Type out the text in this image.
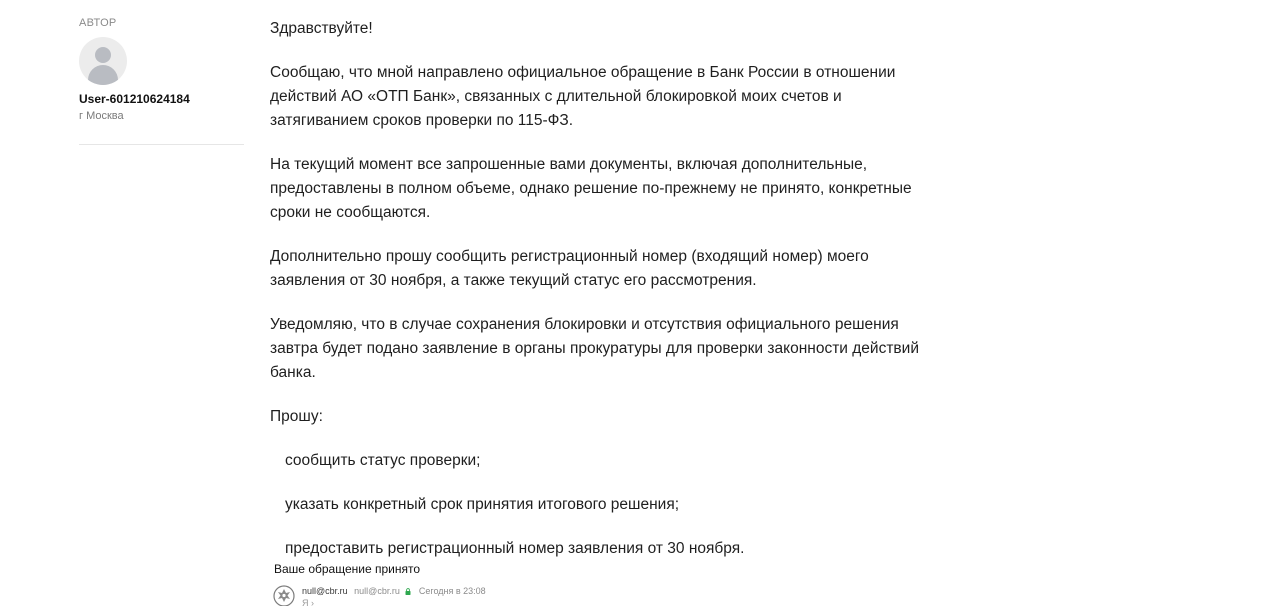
АВТОР
User-601210624184
г Москва

Здравствуйте!

Сообщаю, что мной направлено официальное обращение в Банк России в отношении действий АО «ОТП Банк», связанных с длительной блокировкой моих счетов и затягиванием сроков проверки по 115-ФЗ.

На текущий момент все запрошенные вами документы, включая дополнительные, предоставлены в полном объеме, однако решение по-прежнему не принято, конкретные сроки не сообщаются.

Дополнительно прошу сообщить регистрационный номер (входящий номер) моего заявления от 30 ноября, а также текущий статус его рассмотрения.

Уведомляю, что в случае сохранения блокировки и отсутствия официального решения завтра будет подано заявление в органы прокуратуры для проверки законности действий банка.

Прошу:

сообщить статус проверки;

указать конкретный срок принятия итогового решения;

предоставить регистрационный номер заявления от 30 ноября.

Ваше обращение принято
null@cbr.ru null@cbr.ru Сегодня в 23:08
Я ›
